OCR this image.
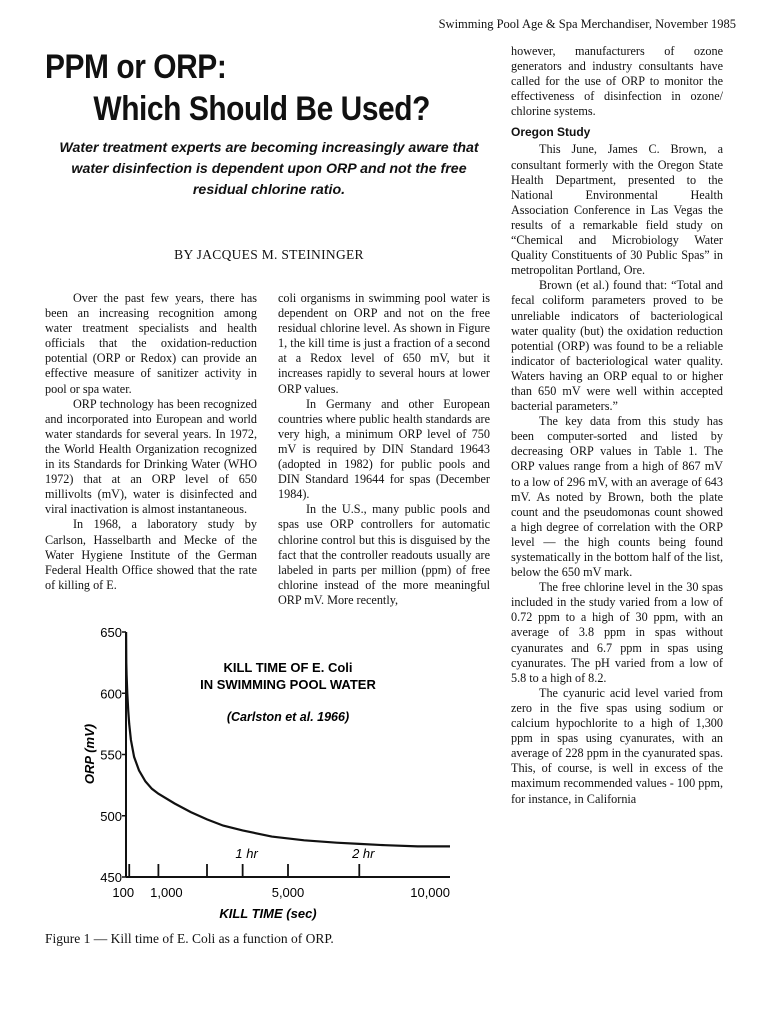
Swimming Pool Age & Spa Merchandiser, November 1985
PPM or ORP:
Which Should Be Used?

Water treatment experts are becoming increasingly aware that water disinfection is dependent upon ORP and not the free residual chlorine ratio.

BY JACQUES M. STEININGER

Over the past few years, there has been an increasing recognition among water treatment specialists and health officials that the oxidation-reduction potential (ORP or Redox) can provide an effective measure of sanitizer activity in pool or spa water.

ORP technology has been recognized and incorporated into European and world water standards for several years. In 1972, the World Health Organization recognized in its Standards for Drinking Water (WHO 1972) that at an ORP level of 650 millivolts (mV), water is disinfected and viral inactivation is almost instantaneous.

In 1968, a laboratory study by Carlson, Hasselbarth and Mecke of the Water Hygiene Institute of the German Federal Health Office showed that the rate of killing of E.

coli organisms in swimming pool water is dependent on ORP and not on the free residual chlorine level. As shown in Figure 1, the kill time is just a fraction of a second at a Redox level of 650 mV, but it increases rapidly to several hours at lower ORP values.

In Germany and other European countries where public health standards are very high, a minimum ORP level of 750 mV is required by DIN Standard 19643 (adopted in 1982) for public pools and DIN Standard 19644 for spas (December 1984).

In the U.S., many public pools and spas use ORP controllers for automatic chlorine control but this is disguised by the fact that the controller readouts usually are labeled in parts per million (ppm) of free chlorine instead of the more meaningful ORP mV. More recently,

however, manufacturers of ozone generators and industry consultants have called for the use of ORP to monitor the effectiveness of disinfection in ozone/ chlorine systems.

Oregon Study

This June, James C. Brown, a consultant formerly with the Oregon State Health Department, presented to the National Environmental Health Association Conference in Las Vegas the results of a remarkable field study on “Chemical and Microbiology Water Quality Constituents of 30 Public Spas” in metropolitan Portland, Ore.

Brown (et al.) found that: “Total and fecal coliform parameters proved to be unreliable indicators of bacteriological water quality (but) the oxidation reduction potential (ORP) was found to be a reliable indicator of bacteriological water quality. Waters having an ORP equal to or higher than 650 mV were well within accepted bacterial parameters.”

The key data from this study has been computer-sorted and listed by decreasing ORP values in Table 1. The ORP values range from a high of 867 mV to a low of 296 mV, with an average of 643 mV. As noted by Brown, both the plate count and the pseudomonas count showed a high degree of correlation with the ORP level — the high counts being found systematically in the bottom half of the list, below the 650 mV mark.

The free chlorine level in the 30 spas included in the study varied from a low of 0.72 ppm to a high of 30 ppm, with an average of 3.8 ppm in spas without cyanurates and 6.7 ppm in spas using cyanurates. The pH varied from a low of 5.8 to a high of 8.2.

The cyanuric acid level varied from zero in the five spas using sodium or calcium hypochlorite to a high of 1,300 ppm in spas using cyanurates, with an average of 228 ppm in the cyanurated spas. This, of course, is well in excess of the maximum recommended values - 100 ppm, for instance, in California

650
600
550
500
450
100 1,000	5,000	10,000
1 hr	2 hr
KILL TIME OF E. Coli
IN SWIMMING POOL WATER
(Carlston et al. 1966)
KILL TIME (sec)
ORP (mV)
Figure 1 — Kill time of E. Coli as a function of ORP.
